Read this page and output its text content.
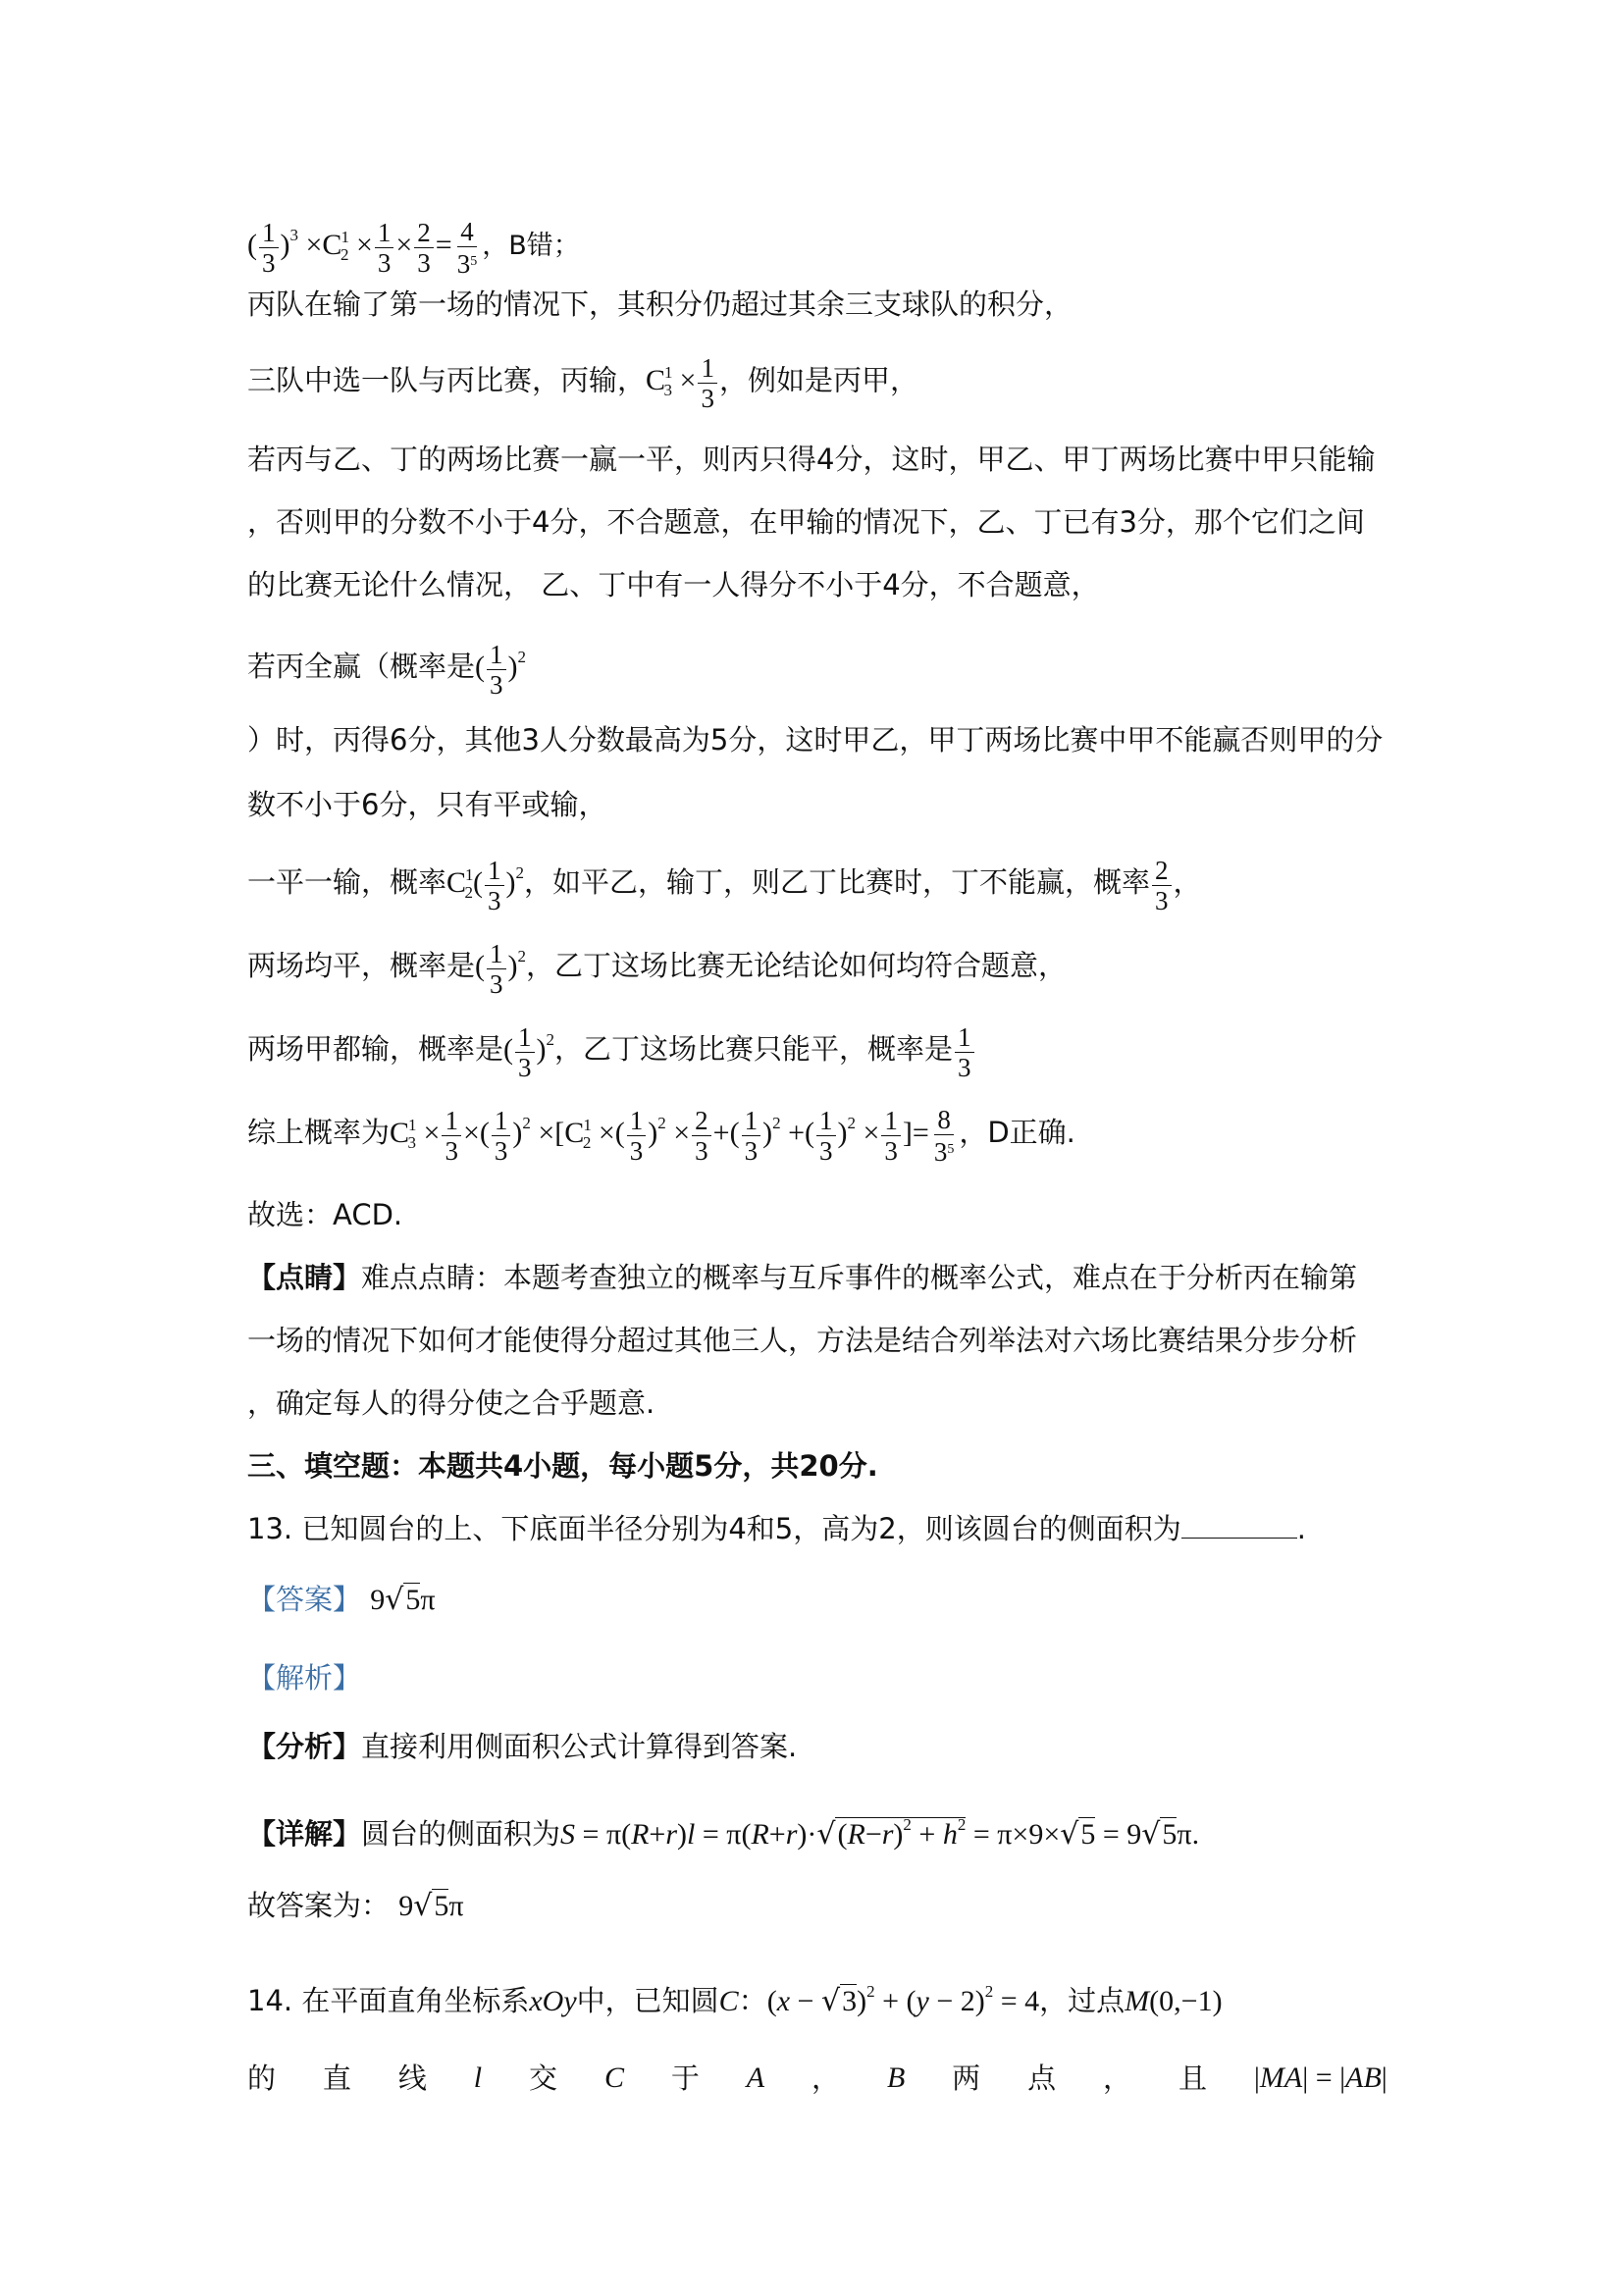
( $\frac{1}{3} )^3 \times C^1_2 \times \frac{1}{3} \times \frac{2}{3} = \frac{4}{3^5}$ ，B错；
丙队在输了第一场的情况下，其积分仍超过其余三支球队的积分，
三队中选一队与丙比赛，丙输，$C^1_3 \times \frac{1}{3}$ ，例如是丙甲，
若丙与乙、丁的两场比赛一赢一平，则丙只得4分，这时，甲乙、甲丁两场比赛中甲只能输
，否则甲的分数不小于4分，不合题意，在甲输的情况下，乙、丁已有3分，那个它们之间
的比赛无论什么情况， 乙、丁中有一人得分不小于4分，不合题意，
若丙全赢（概率是( $\frac{1}{3} )^2$
）时，丙得6分，其他3人分数最高为5分，这时甲乙，甲丁两场比赛中甲不能赢否则甲的分
数不小于6分，只有平或输，
一平一输，概率$C^1_2( \frac{1}{3} )^2$，如平乙，输丁，则乙丁比赛时，丁不能赢，概率 $\frac{2}{3}$ ，
两场均平，概率是( $\frac{1}{3} )^2$，乙丁这场比赛无论结论如何均符合题意，
两场甲都输，概率是( $\frac{1}{3} )^2$，乙丁这场比赛只能平，概率是 $\frac{1}{3}$
综上概率为$C^1_3 \times \frac{1}{3}$ ×( $\frac{1}{3} )^2 \times[C^1_2$ ×( $\frac{1}{3} )^2 \times \frac{2}{3}$ +( $\frac{1}{3} )^2$ +( $\frac{1}{3} )^2 \times \frac{1}{3}$ ]= $\frac{8}{3^5}$ ，D正确.
故选：ACD.
【点睛】难点点睛：本题考查独立的概率与互斥事件的概率公式，难点在于分析丙在输第
一场的情况下如何才能使得分超过其他三人，方法是结合列举法对六场比赛结果分步分析
，确定每人的得分使之合乎题意.
三、填空题：本题共4小题，每小题5分，共20分.
13. 已知圆台的上、下底面半径分别为4和5，高为2，则该圆台的侧面积为	.
【答案】 9√5π
【解析】
【分析】直接利用侧面积公式计算得到答案.
【详解】圆台的侧面积为$S = \pi(R+r)l = \pi(R+r)\cdot√(R-r)^2 + h^2 = \pi\times 9\times√5 = 9√5\pi$.
故答案为： 9√5π
14. 在平面直角坐标系xOy中，已知圆C：$(x - √3)^2 + (y - 2)^2 = 4$，过点M(0,−1)
的 直 线 l 交 C 于 A ， B 两 点 ， 且 |MA| = |AB|
